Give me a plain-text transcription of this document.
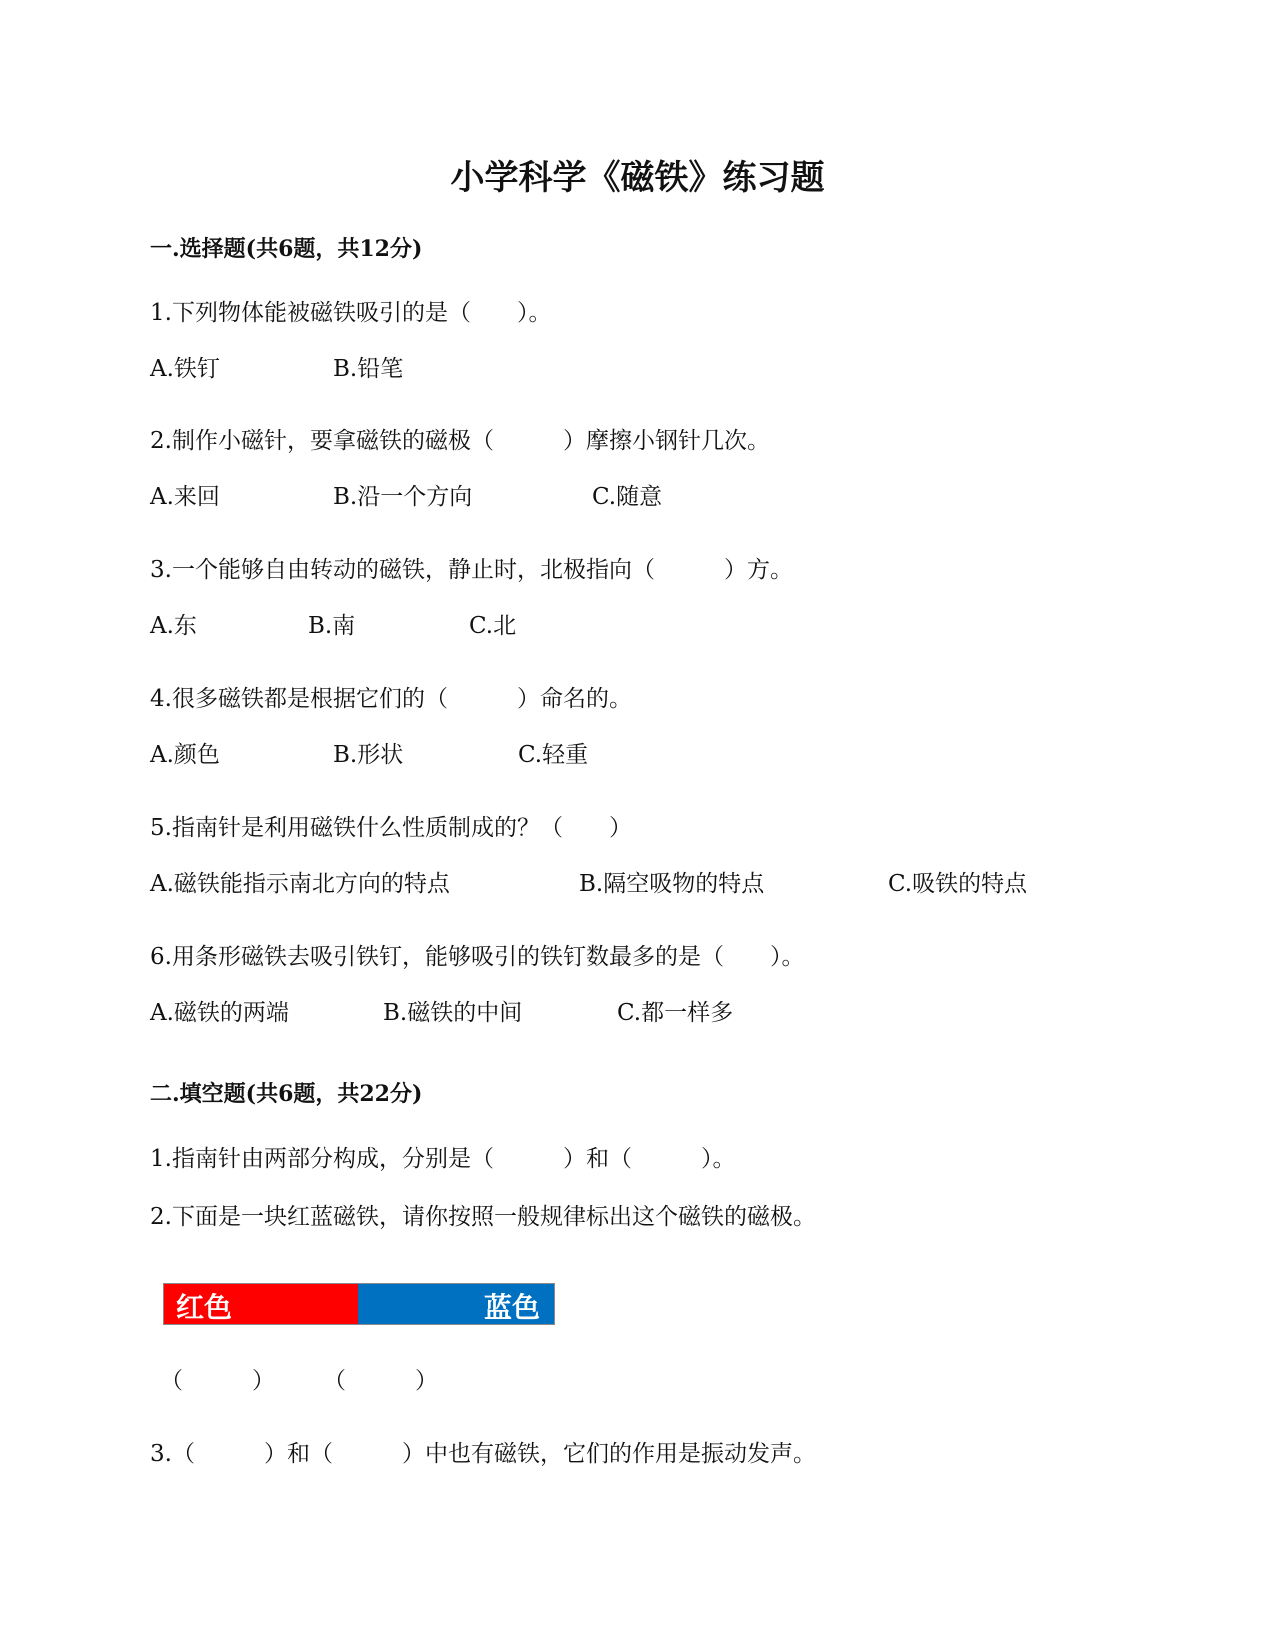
小学科学《磁铁》练习题
一.选择题(共6题，共12分)
1.下列物体能被磁铁吸引的是（　　）。
A.铁钉	B.铅笔
2.制作小磁针，要拿磁铁的磁极（　　　）摩擦小钢针几次。
A.来回	B.沿一个方向	C.随意
3.一个能够自由转动的磁铁，静止时，北极指向（　　　）方。
A.东	B.南	C.北
4.很多磁铁都是根据它们的（　　　）命名的。
A.颜色	B.形状	C.轻重
5.指南针是利用磁铁什么性质制成的？（　　）
A.磁铁能指示南北方向的特点	B.隔空吸物的特点	C.吸铁的特点
6.用条形磁铁去吸引铁钉，能够吸引的铁钉数最多的是（　　）。
A.磁铁的两端	B.磁铁的中间	C.都一样多
二.填空题(共6题，共22分)
1.指南针由两部分构成，分别是（　　　）和（　　　）。
2.下面是一块红蓝磁铁，请你按照一般规律标出这个磁铁的磁极。
红色	蓝色
（　　　） （　　　）
3.（　　　）和（　　　）中也有磁铁，它们的作用是振动发声。
